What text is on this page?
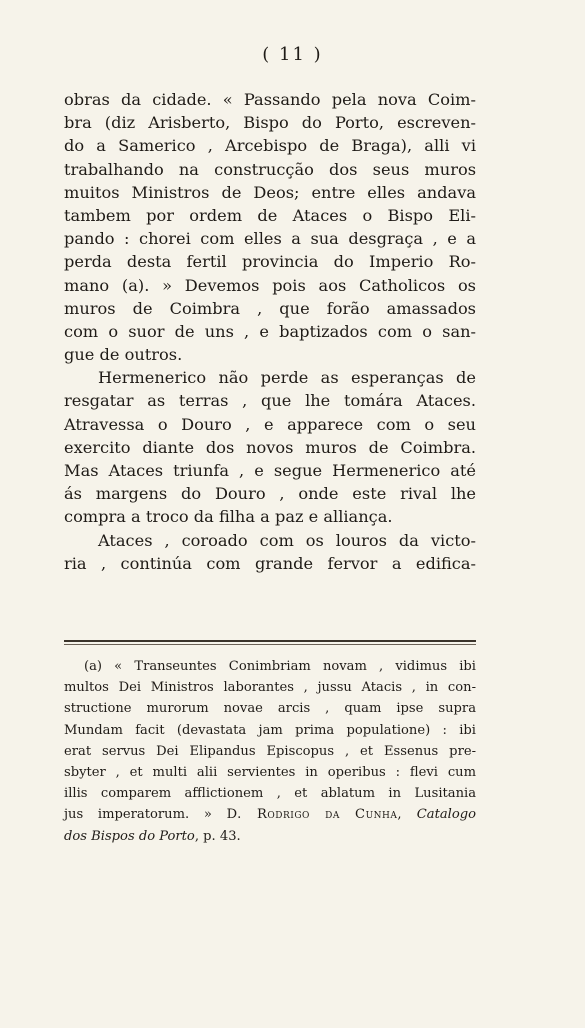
( 11 )
obras da cidade. « Passando pela nova Coim-
bra (diz Arisberto, Bispo do Porto, escreven-
do a Samerico , Arcebispo de Braga), alli vi
trabalhando na construcção dos seus muros
muitos Ministros de Deos; entre elles andava
tambem por ordem de Ataces o Bispo Eli-
pando : chorei com elles a sua desgraça , e a
perda desta fertil provincia do Imperio Ro-
mano (a). » Devemos pois aos Catholicos os
muros de Coimbra , que forão amassados
com o suor de uns , e baptizados com o san-
gue de outros.
Hermenerico não perde as esperanças de
resgatar as terras , que lhe tomára Ataces.
Atravessa o Douro , e apparece com o seu
exercito diante dos novos muros de Coimbra.
Mas Ataces triunfa , e segue Hermenerico até
ás margens do Douro , onde este rival lhe
compra a troco da filha a paz e alliança.
Ataces , coroado com os louros da victo-
ria , continúa com grande fervor a edifica-
(a) « Transeuntes Conimbriam novam , vidimus ibi
multos Dei Ministros laborantes , jussu Atacis , in con-
structione murorum novae arcis , quam ipse supra
Mundam facit (devastata jam prima populatione) : ibi
erat servus Dei Elipandus Episcopus , et Essenus pre-
sbyter , et multi alii servientes in operibus : flevi cum
illis comparem afflictionem , et ablatum in Lusitania
jus imperatorum. » D. Rodrigo da Cunha, Catalogo
dos Bispos do Porto, p. 43.
